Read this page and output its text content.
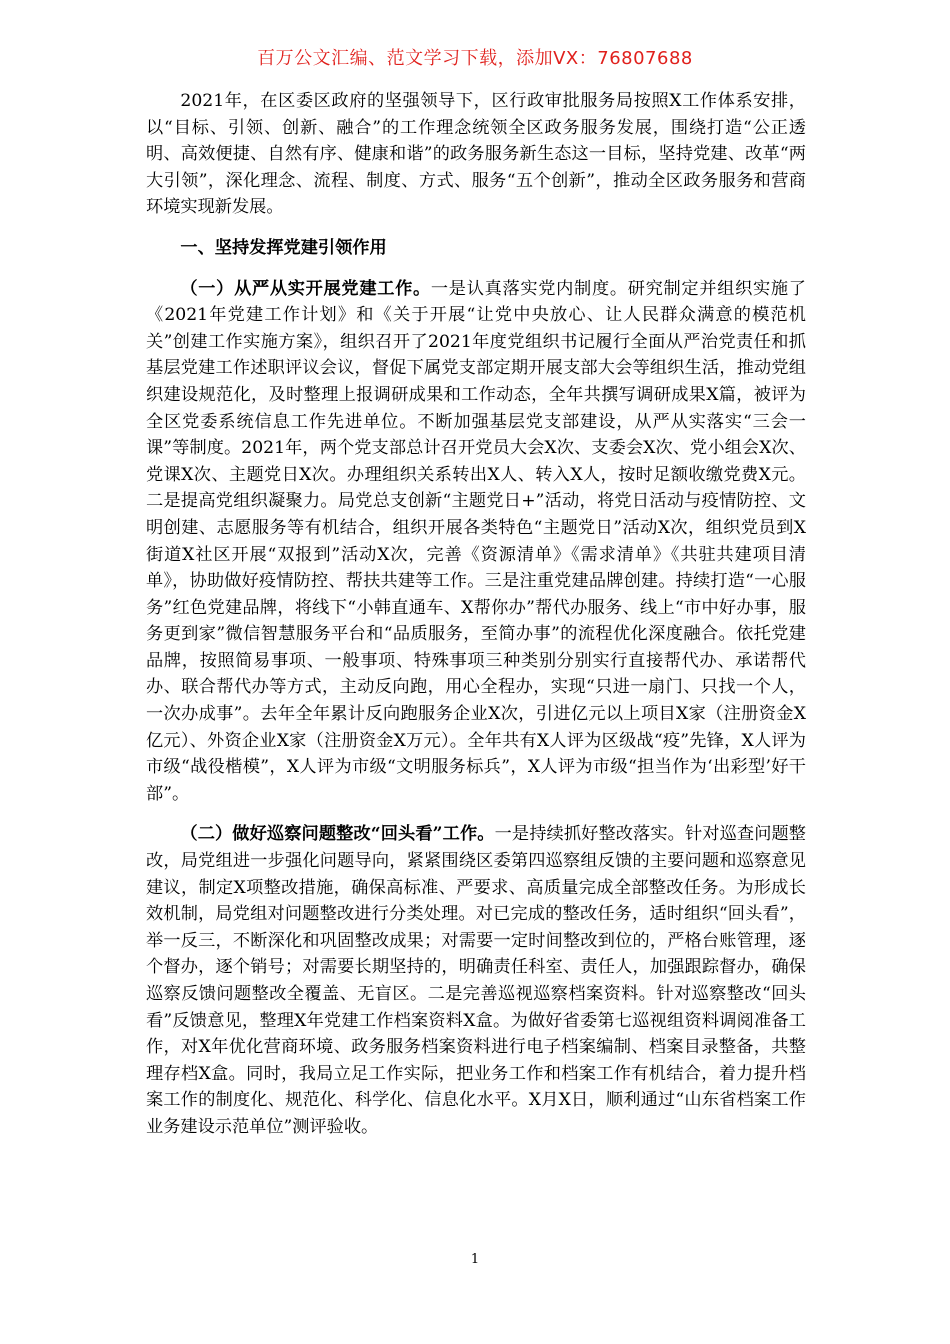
百万公文汇编、范文学习下载，添加VX：76807688

2021年，在区委区政府的坚强领导下，区行政审批服务局按照X工作体系安排，以“目标、引领、创新、融合”的工作理念统领全区政务服务发展，围绕打造“公正透明、高效便捷、自然有序、健康和谐”的政务服务新生态这一目标，坚持党建、改革“两大引领”，深化理念、流程、制度、方式、服务“五个创新”，推动全区政务服务和营商环境实现新发展。

一、坚持发挥党建引领作用

（一）从严从实开展党建工作。一是认真落实党内制度。研究制定并组织实施了《2021年党建工作计划》和《关于开展“让党中央放心、让人民群众满意的模范机关”创建工作实施方案》，组织召开了2021年度党组织书记履行全面从严治党责任和抓基层党建工作述职评议会议，督促下属党支部定期开展支部大会等组织生活，推动党组织建设规范化，及时整理上报调研成果和工作动态，全年共撰写调研成果X篇，被评为全区党委系统信息工作先进单位。不断加强基层党支部建设，从严从实落实“三会一课”等制度。2021年，两个党支部总计召开党员大会X次、支委会X次、党小组会X次、党课X次、主题党日X次。办理组织关系转出X人、转入X人，按时足额收缴党费X元。二是提高党组织凝聚力。局党总支创新“主题党日+”活动，将党日活动与疫情防控、文明创建、志愿服务等有机结合，组织开展各类特色“主题党日”活动X次，组织党员到X街道X社区开展“双报到”活动X次，完善《资源清单》《需求清单》《共驻共建项目清单》，协助做好疫情防控、帮扶共建等工作。三是注重党建品牌创建。持续打造“一心服务”红色党建品牌，将线下“小韩直通车、X帮你办”帮代办服务、线上“市中好办事，服务更到家”微信智慧服务平台和“品质服务，至简办事”的流程优化深度融合。依托党建品牌，按照简易事项、一般事项、特殊事项三种类别分别实行直接帮代办、承诺帮代办、联合帮代办等方式，主动反向跑，用心全程办，实现“只进一扇门、只找一个人，一次办成事”。去年全年累计反向跑服务企业X次，引进亿元以上项目X家（注册资金X亿元）、外资企业X家（注册资金X万元）。全年共有X人评为区级战“疫”先锋，X人评为市级“战役楷模”，X人评为市级“文明服务标兵”，X人评为市级“担当作为‘出彩型’好干部”。

（二）做好巡察问题整改“回头看”工作。一是持续抓好整改落实。针对巡查问题整改，局党组进一步强化问题导向，紧紧围绕区委第四巡察组反馈的主要问题和巡察意见建议，制定X项整改措施，确保高标准、严要求、高质量完成全部整改任务。为形成长效机制，局党组对问题整改进行分类处理。对已完成的整改任务，适时组织“回头看”，举一反三，不断深化和巩固整改成果；对需要一定时间整改到位的，严格台账管理，逐个督办，逐个销号；对需要长期坚持的，明确责任科室、责任人，加强跟踪督办，确保巡察反馈问题整改全覆盖、无盲区。二是完善巡视巡察档案资料。针对巡察整改“回头看”反馈意见，整理X年党建工作档案资料X盒。为做好省委第七巡视组资料调阅准备工作，对X年优化营商环境、政务服务档案资料进行电子档案编制、档案目录整备，共整理存档X盒。同时，我局立足工作实际，把业务工作和档案工作有机结合，着力提升档案工作的制度化、规范化、科学化、信息化水平。X月X日，顺利通过“山东省档案工作业务建设示范单位”测评验收。

1
